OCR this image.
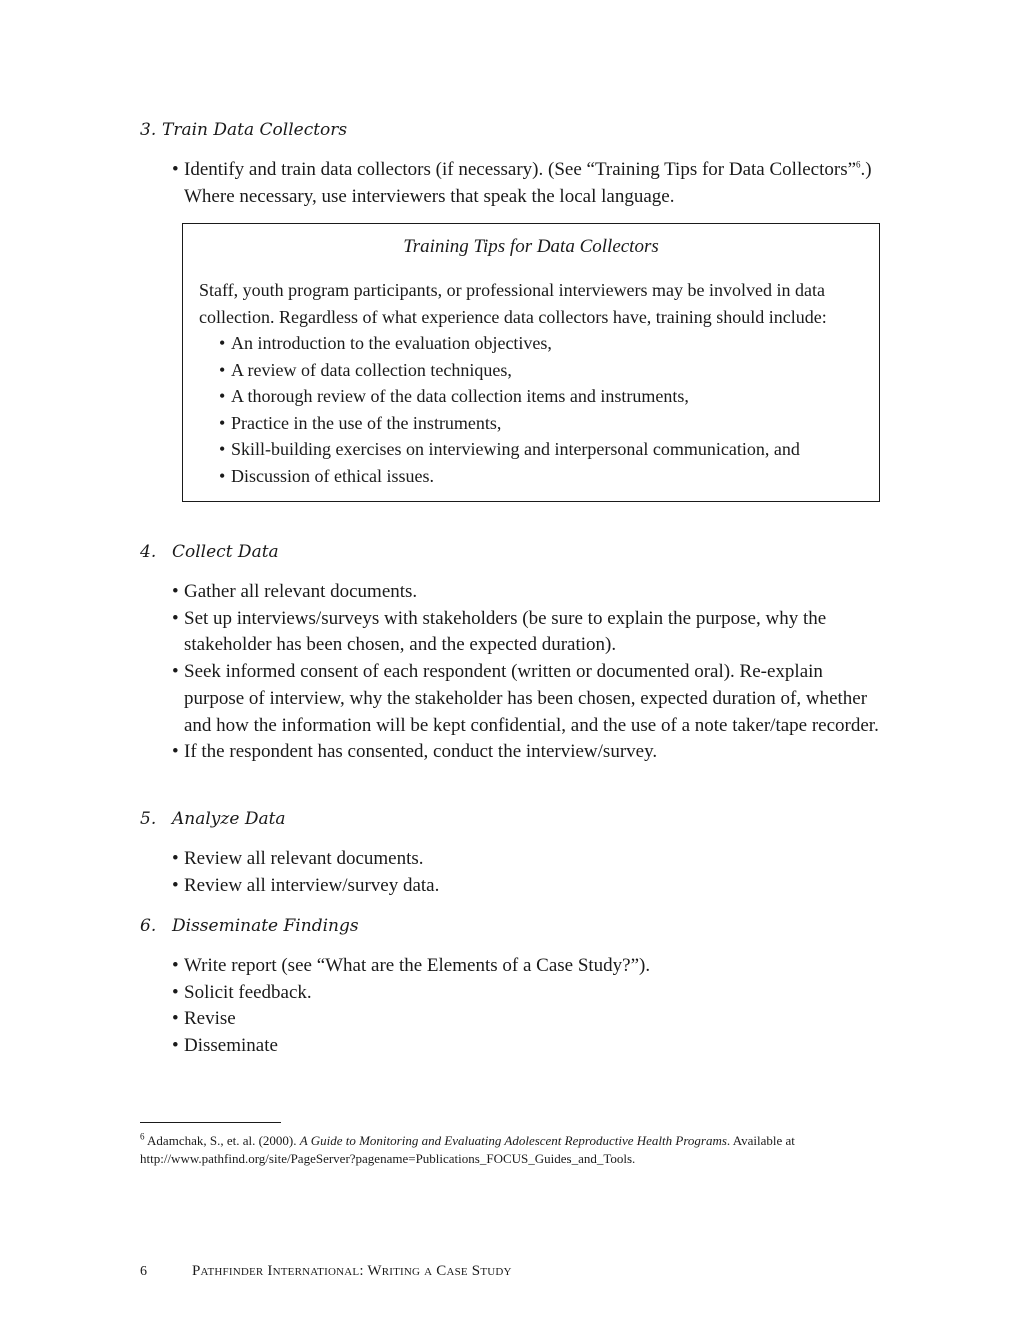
3. Train Data Collectors
• Identify and train data collectors (if necessary). (See “Training Tips for Data Collectors”$^6$.) Where necessary, use interviewers that speak the local language.

Training Tips for Data Collectors

Staff, youth program participants, or professional interviewers may be involved in data collection. Regardless of what experience data collectors have, training should include:

• An introduction to the evaluation objectives,
• A review of data collection techniques,
• A thorough review of the data collection items and instruments,
• Practice in the use of the instruments,
• Skill-building exercises on interviewing and interpersonal communication, and
• Discussion of ethical issues.
4. Collect Data
• Gather all relevant documents.
• Set up interviews/surveys with stakeholders (be sure to explain the purpose, why the stakeholder has been chosen, and the expected duration).
• Seek informed consent of each respondent (written or documented oral). Re-explain purpose of interview, why the stakeholder has been chosen, expected duration of, whether and how the information will be kept confidential, and the use of a note taker/tape recorder.
• If the respondent has consented, conduct the interview/survey.
5. Analyze Data
• Review all relevant documents.
• Review all interview/survey data.
6. Disseminate Findings
• Write report (see “What are the Elements of a Case Study?”).
• Solicit feedback.
• Revise
• Disseminate

$^6$ Adamchak, S., et. al. (2000). A Guide to Monitoring and Evaluating Adolescent Reproductive Health Programs. Available at
http://www.pathfind.org/site/PageServer?pagename=Publications_FOCUS_Guides_and_Tools.

6	Pathfinder International: Writing a Case Study
